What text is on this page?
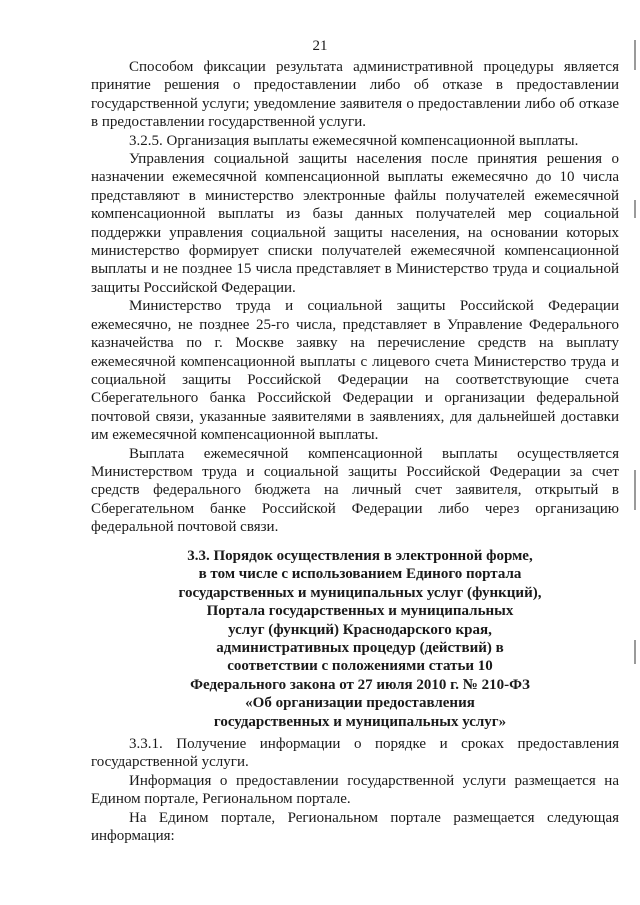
21

Способом фиксации результата административной процедуры является принятие решения о предоставлении либо об отказе в предоставлении государственной услуги; уведомление заявителя о предоставлении либо об отказе в предоставлении государственной услуги.

3.2.5. Организация выплаты ежемесячной компенсационной выплаты.

Управления социальной защиты населения после принятия решения о назначении ежемесячной компенсационной выплаты ежемесячно до 10 числа представляют в министерство электронные файлы получателей ежемесячной компенсационной выплаты из базы данных получателей мер социальной поддержки управления социальной защиты населения, на основании которых министерство формирует списки получателей ежемесячной компенсационной выплаты и не позднее 15 числа представляет в Министерство труда и социальной защиты Российской Федерации.

Министерство труда и социальной защиты Российской Федерации ежемесячно, не позднее 25-го числа, представляет в Управление Федерального казначейства по г. Москве заявку на перечисление средств на выплату ежемесячной компенсационной выплаты с лицевого счета Министерство труда и социальной защиты Российской Федерации на соответствующие счета Сберегательного банка Российской Федерации и организации федеральной почтовой связи, указанные заявителями в заявлениях, для дальнейшей доставки им ежемесячной компенсационной выплаты.

Выплата ежемесячной компенсационной выплаты осуществляется Министерством труда и социальной защиты Российской Федерации за счет средств федерального бюджета на личный счет заявителя, открытый в Сберегательном банке Российской Федерации либо через организацию федеральной почтовой связи.

3.3. Порядок осуществления в электронной форме,
в том числе с использованием Единого портала
государственных и муниципальных услуг (функций),
Портала государственных и муниципальных
услуг (функций) Краснодарского края,
административных процедур (действий) в
соответствии с положениями статьи 10
Федерального закона от 27 июля 2010 г. № 210-ФЗ
«Об организации предоставления
государственных и муниципальных услуг»

3.3.1. Получение информации о порядке и сроках предоставления государственной услуги.

Информация о предоставлении государственной услуги размещается на Едином портале, Региональном портале.

На Едином портале, Региональном портале размещается следующая информация:
